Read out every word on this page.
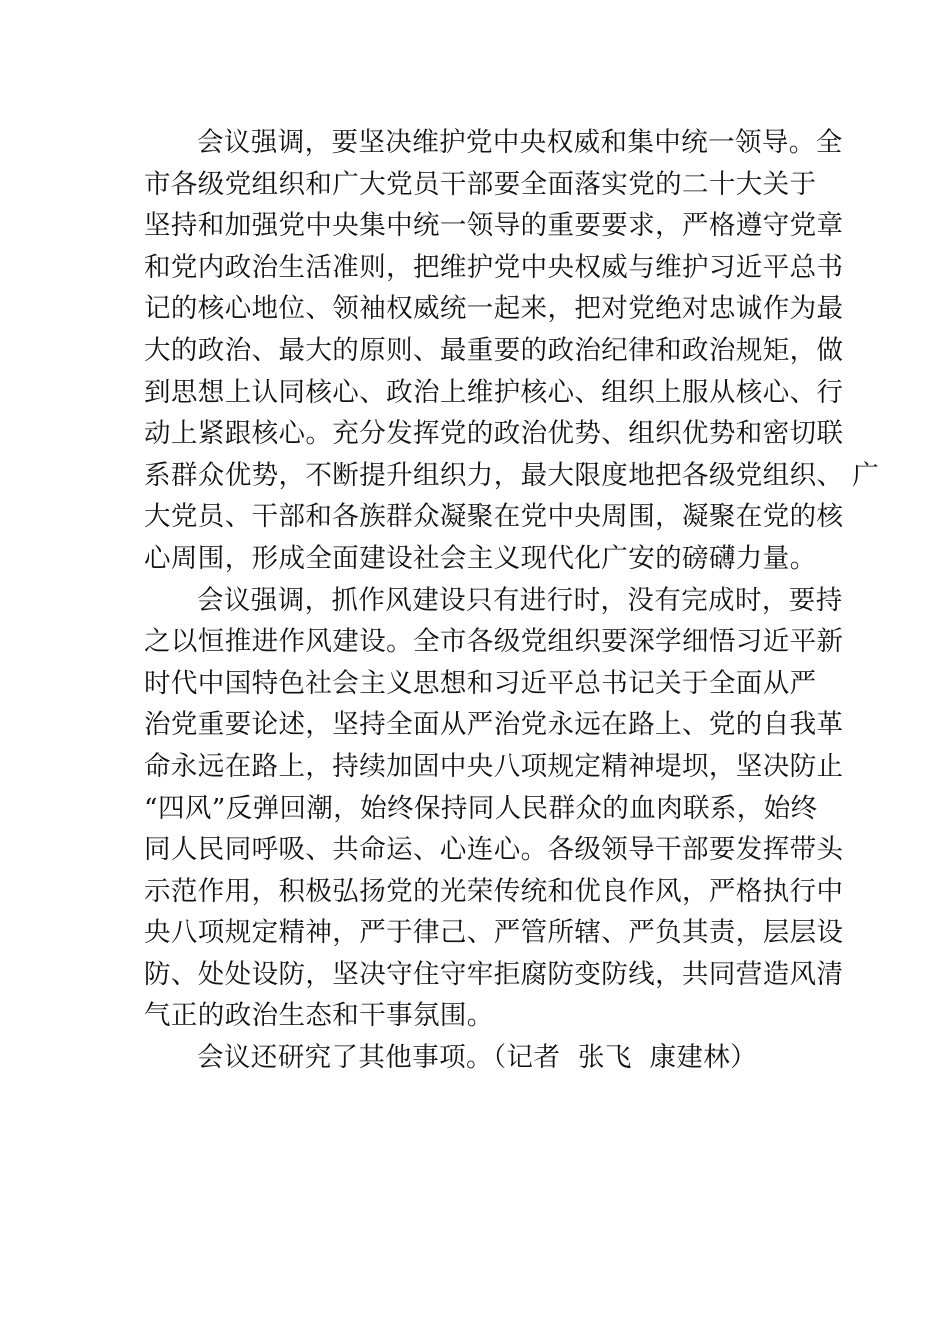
会议强调，要坚决维护党中央权威和集中统一领导。全
市各级党组织和广大党员干部要全面落实党的二十大关于
坚持和加强党中央集中统一领导的重要要求，严格遵守党章
和党内政治生活准则，把维护党中央权威与维护习近平总书
记的核心地位、领袖权威统一起来，把对党绝对忠诚作为最
大的政治、最大的原则、最重要的政治纪律和政治规矩，做
到思想上认同核心、政治上维护核心、组织上服从核心、行
动上紧跟核心。充分发挥党的政治优势、组织优势和密切联
系群众优势，不断提升组织力，最大限度地把各级党组织、 广
大党员、干部和各族群众凝聚在党中央周围，凝聚在党的核
心周围，形成全面建设社会主义现代化广安的磅礴力量。
会议强调，抓作风建设只有进行时，没有完成时，要持
之以恒推进作风建设。全市各级党组织要深学细悟习近平新
时代中国特色社会主义思想和习近平总书记关于全面从严
治党重要论述，坚持全面从严治党永远在路上、党的自我革
命永远在路上，持续加固中央八项规定精神堤坝，坚决防止
“四风”反弹回潮，始终保持同人民群众的血肉联系，始终
同人民同呼吸、共命运、心连心。各级领导干部要发挥带头
示范作用，积极弘扬党的光荣传统和优良作风，严格执行中
央八项规定精神，严于律己、严管所辖、严负其责，层层设
防、处处设防，坚决守住守牢拒腐防变防线，共同营造风清
气正的政治生态和干事氛围。
会议还研究了其他事项。（记者  张飞  康建林）
